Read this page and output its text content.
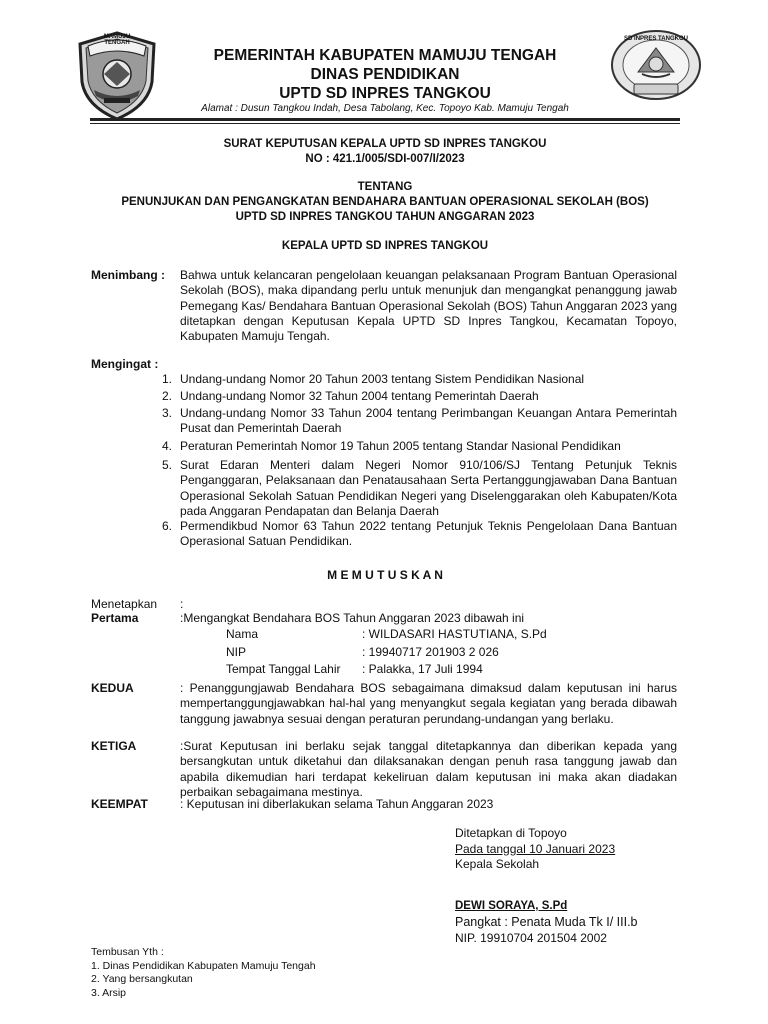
MAMUJU TENGAH
SD INPRES TANGKOU
PEMERINTAH KABUPATEN MAMUJU TENGAH
DINAS PENDIDIKAN
UPTD SD INPRES TANGKOU
Alamat : Dusun Tangkou Indah, Desa Tabolang, Kec. Topoyo Kab. Mamuju Tengah
SURAT KEPUTUSAN KEPALA UPTD SD INPRES TANGKOU
NO : 421.1/005/SDI-007/I/2023
TENTANG
PENUNJUKAN DAN PENGANGKATAN BENDAHARA BANTUAN OPERASIONAL SEKOLAH (BOS)
UPTD SD INPRES TANGKOU TAHUN ANGGARAN 2023
KEPALA UPTD SD INPRES TANGKOU
Menimbang : Bahwa untuk kelancaran pengelolaan keuangan pelaksanaan Program Bantuan Operasional Sekolah (BOS), maka dipandang perlu untuk menunjuk dan mengangkat penanggung jawab Pemegang Kas/ Bendahara Bantuan Operasional Sekolah (BOS) Tahun Anggaran 2023 yang ditetapkan dengan Keputusan Kepala UPTD SD Inpres Tangkou, Kecamatan Topoyo, Kabupaten Mamuju Tengah.
Mengingat :
1. Undang-undang Nomor 20 Tahun 2003 tentang Sistem Pendidikan Nasional
2. Undang-undang Nomor 32 Tahun 2004 tentang Pemerintah Daerah
3. Undang-undang Nomor 33 Tahun 2004 tentang Perimbangan Keuangan Antara Pemerintah Pusat dan Pemerintah Daerah
4. Peraturan Pemerintah Nomor 19 Tahun 2005 tentang Standar Nasional Pendidikan
5. Surat Edaran Menteri dalam Negeri Nomor 910/106/SJ Tentang Petunjuk Teknis Penganggaran, Pelaksanaan dan Penatausahaan Serta Pertanggungjawaban Dana Bantuan Operasional Sekolah Satuan Pendidikan Negeri yang Diselenggarakan oleh Kabupaten/Kota pada Anggaran Pendapatan dan Belanja Daerah
6. Permendikbud Nomor 63 Tahun 2022 tentang Petunjuk Teknis Pengelolaan Dana Bantuan Operasional Satuan Pendidikan.
M E M U T U S K A N
Menetapkan :
Pertama	:Mengangkat Bendahara BOS Tahun Anggaran 2023 dibawah ini
Nama	: WILDASARI HASTUTIANA, S.Pd
NIP	: 19940717 201903 2 026
Tempat Tanggal Lahir : Palakka, 17 Juli 1994
KEDUA	: Penanggungjawab Bendahara BOS sebagaimana dimaksud dalam keputusan ini harus mempertanggungjawabkan hal-hal yang menyangkut segala kegiatan yang berada dibawah tanggung jawabnya sesuai dengan peraturan perundang-undangan yang berlaku.
KETIGA	:Surat Keputusan ini berlaku sejak tanggal ditetapkannya dan diberikan kepada yang bersangkutan untuk diketahui dan dilaksanakan dengan penuh rasa tanggung jawab dan apabila dikemudian hari terdapat kekeliruan dalam keputusan ini maka akan diadakan perbaikan sebagaimana mestinya.
KEEMPAT	: Keputusan ini diberlakukan selama Tahun Anggaran 2023
Ditetapkan di Topoyo
Pada tanggal 10 Januari 2023
Kepala Sekolah
DEWI SORAYA, S.Pd
Pangkat : Penata Muda Tk I/ III.b
NIP. 19910704 201504 2002
Tembusan Yth :
1. Dinas Pendidikan Kabupaten Mamuju Tengah
2. Yang bersangkutan
3. Arsip
